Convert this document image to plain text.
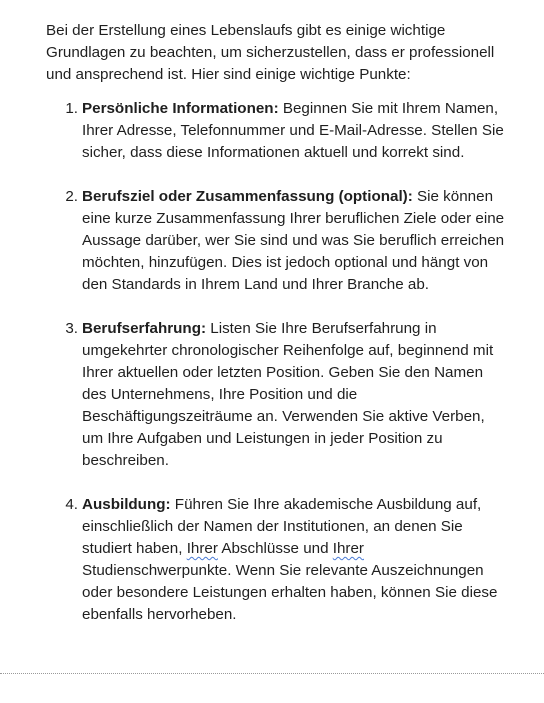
Bei der Erstellung eines Lebenslaufs gibt es einige wichtige Grundlagen zu beachten, um sicherzustellen, dass er professionell und ansprechend ist. Hier sind einige wichtige Punkte:

1. Persönliche Informationen: Beginnen Sie mit Ihrem Namen, Ihrer Adresse, Telefonnummer und E-Mail-Adresse. Stellen Sie sicher, dass diese Informationen aktuell und korrekt sind.
2. Berufsziel oder Zusammenfassung (optional): Sie können eine kurze Zusammenfassung Ihrer beruflichen Ziele oder eine Aussage darüber, wer Sie sind und was Sie beruflich erreichen möchten, hinzufügen. Dies ist jedoch optional und hängt von den Standards in Ihrem Land und Ihrer Branche ab.
3. Berufserfahrung: Listen Sie Ihre Berufserfahrung in umgekehrter chronologischer Reihenfolge auf, beginnend mit Ihrer aktuellen oder letzten Position. Geben Sie den Namen des Unternehmens, Ihre Position und die Beschäftigungszeiträume an. Verwenden Sie aktive Verben, um Ihre Aufgaben und Leistungen in jeder Position zu beschreiben.
4. Ausbildung: Führen Sie Ihre akademische Ausbildung auf, einschließlich der Namen der Institutionen, an denen Sie studiert haben, Ihrer Abschlüsse und Ihrer Studienschwerpunkte. Wenn Sie relevante Auszeichnungen oder besondere Leistungen erhalten haben, können Sie diese ebenfalls hervorheben.
